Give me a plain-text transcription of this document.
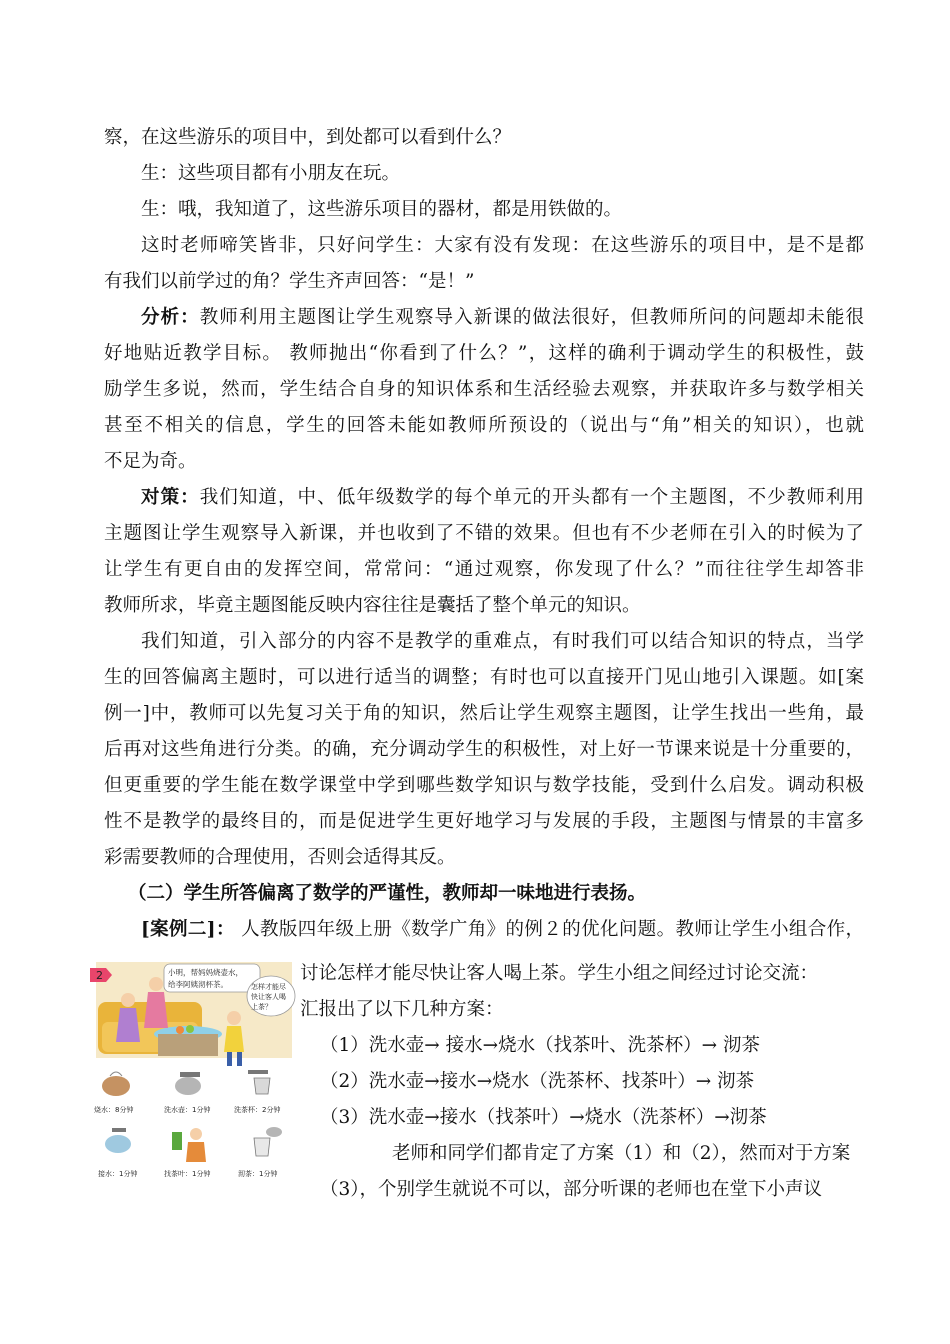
察，在这些游乐的项目中，到处都可以看到什么？
生：这些项目都有小朋友在玩。
生：哦，我知道了，这些游乐项目的器材，都是用铁做的。
这时老师啼笑皆非，只好问学生：大家有没有发现：在这些游乐的项目中，是不是都
有我们以前学过的角？学生齐声回答：“是！”
分析：教师利用主题图让学生观察导入新课的做法很好，但教师所问的问题却未能很
好地贴近教学目标。 教师抛出“你看到了什么？”，这样的确利于调动学生的积极性，鼓
励学生多说，然而，学生结合自身的知识体系和生活经验去观察，并获取许多与数学相关
甚至不相关的信息，学生的回答未能如教师所预设的（说出与“角”相关的知识），也就
不足为奇。
对策：我们知道，中、低年级数学的每个单元的开头都有一个主题图，不少教师利用
主题图让学生观察导入新课，并也收到了不错的效果。但也有不少老师在引入的时候为了
让学生有更自由的发挥空间，常常问：“通过观察，你发现了什么？”而往往学生却答非
教师所求，毕竟主题图能反映内容往往是囊括了整个单元的知识。
我们知道，引入部分的内容不是教学的重难点，有时我们可以结合知识的特点，当学
生的回答偏离主题时，可以进行适当的调整；有时也可以直接开门见山地引入课题。如[案
例一]中，教师可以先复习关于角的知识，然后让学生观察主题图，让学生找出一些角，最
后再对这些角进行分类。的确，充分调动学生的积极性，对上好一节课来说是十分重要的，
但更重要的学生能在数学课堂中学到哪些数学知识与数学技能，受到什么启发。调动积极
性不是教学的最终目的，而是促进学生更好地学习与发展的手段，主题图与情景的丰富多
彩需要教师的合理使用，否则会适得其反。
（二）学生所答偏离了数学的严谨性，教师却一味地进行表扬。
[案例二]： 人教版四年级上册《数学广角》的例２的优化问题。教师让学生小组合作，
讨论怎样才能尽快让客人喝上茶。学生小组之间经过讨论交流：
汇报出了以下几种方案：
（1）洗水壶→ 接水→烧水（找茶叶、洗茶杯）→ 沏茶
（2）洗水壶→接水→烧水（洗茶杯、找茶叶）→ 沏茶
（3）洗水壶→接水（找茶叶）→烧水（洗茶杯）→沏茶
老师和同学们都肯定了方案（1）和（2），然而对于方案
（3），个别学生就说不可以，部分听课的老师也在堂下小声议
2	小明，帮妈妈烧壶水，
给李阿姨沏杯茶。	怎样才能尽
快让客人喝
上茶？
烧水：8分钟	洗水壶：1分钟	洗茶杯：2分钟
接水：1分钟	找茶叶：1分钟	沏茶：1分钟
